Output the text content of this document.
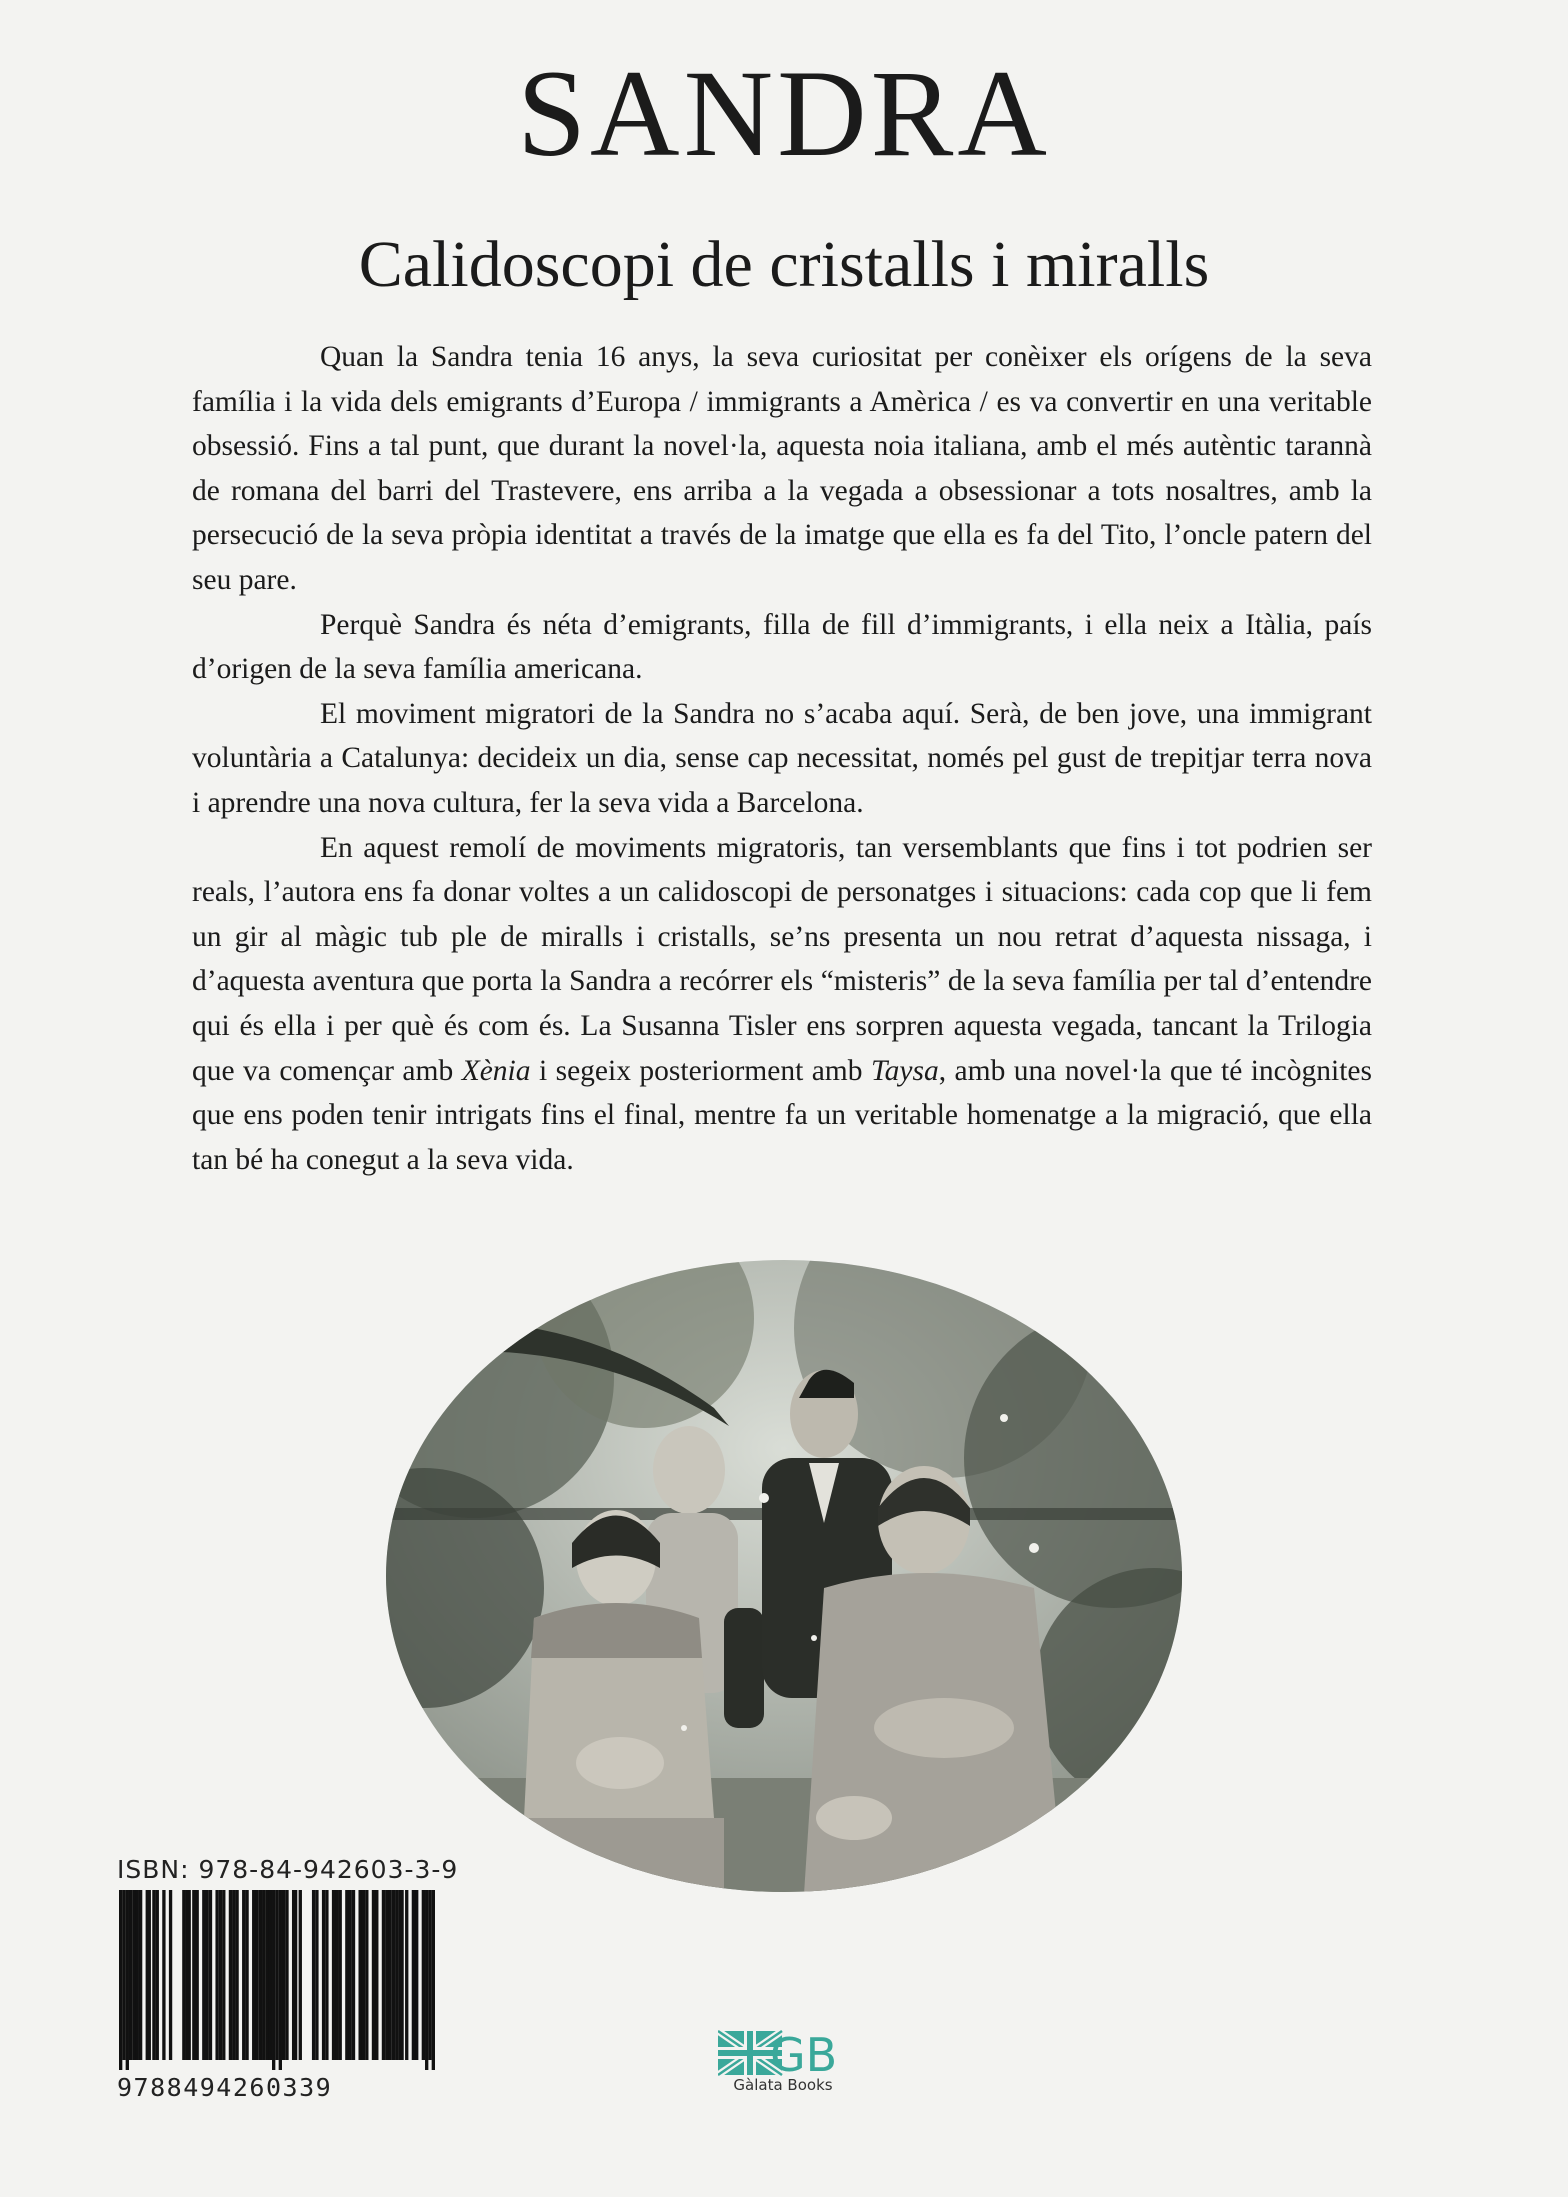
SANDRA
Calidoscopi de cristalls i miralls

Quan la Sandra tenia 16 anys, la seva curiositat per conèixer els orígens de la seva família i la vida dels emigrants d’Europa / immigrants a Amèrica / es va convertir en una veritable obsessió. Fins a tal punt, que durant la novel·la, aquesta noia italiana, amb el més autèntic tarannà de romana del barri del Trastevere, ens arriba a la vegada a obsessionar a tots nosaltres, amb la persecució de la seva pròpia identitat a través de la imatge que ella es fa del Tito, l’oncle patern del seu pare.

Perquè Sandra és néta d’emigrants, filla de fill d’immigrants, i ella neix a Itàlia, país d’origen de la seva família americana.

El moviment migratori de la Sandra no s’acaba aquí. Serà, de ben jove, una immigrant voluntària a Catalunya: decideix un dia, sense cap necessitat, només pel gust de trepitjar terra nova i aprendre una nova cultura, fer la seva vida a Barcelona.

En aquest remolí de moviments migratoris, tan versemblants que fins i tot podrien ser reals, l’autora ens fa donar voltes a un calidoscopi de personatges i situacions: cada cop que li fem un gir al màgic tub ple de miralls i cristalls, se’ns presenta un nou retrat d’aquesta nissaga, i d’aquesta aventura que porta la Sandra a recórrer els “misteris” de la seva família per tal d’entendre qui és ella i per què és com és. La Susanna Tisler ens sorpren aquesta vegada, tancant la Trilogia que va començar amb Xènia i segeix posteriorment amb Taysa, amb una novel·la que té incògnites que ens poden tenir intrigats fins el final, mentre fa un veritable homenatge a la migració, que ella tan bé ha conegut a la seva vida.

ISBN: 978-84-942603-3-9
9788494260339
GB
Gàlata Books
